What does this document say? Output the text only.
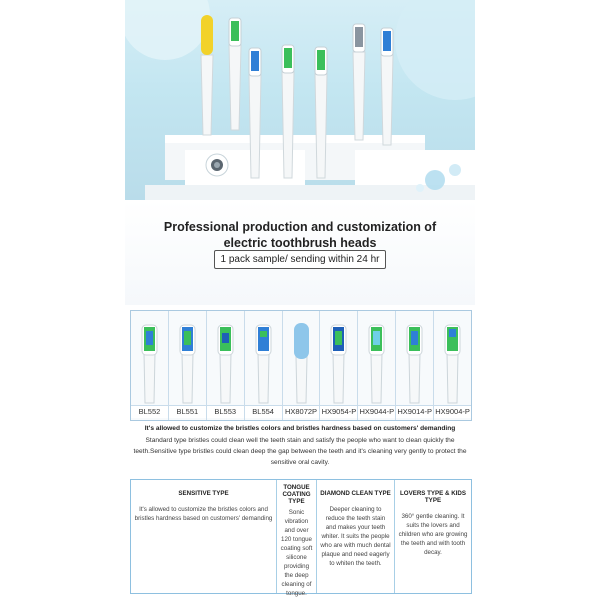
Professional production and customization of
electric toothbrush heads
1 pack sample/ sending within 24 hr
BL552	BL551	BL553	BL554	HX8072P HX9054-P HX9044-P HX9014-P HX9004-P
It's allowed to customize the bristles colors and bristles hardness based on customers' demanding
Standard type bristles could clean well the teeth stain and satisfy the people who want to clean quickly the teeth.Sensitive type bristles could clean deep the gap between the teeth and it's cleaning very gently to protect the sensitive oral cavity.
SENSITIVE TYPE
It's allowed to customize the bristles colors and bristles hardness based on customers' demanding
TONGUE COATING TYPE
Sonic vibration and over 120 tongue coating soft silicone providing the deep cleaning of tongue.
DIAMOND CLEAN TYPE
Deeper cleaning to reduce the teeth stain and makes your teeth whiter. It suits the people who are with much dental plaque and need eagerly to whiten the teeth.
LOVERS TYPE & KIDS TYPE
360° gentle cleaning. It suits the lovers and children who are growing the teeth and with tooth decay.
